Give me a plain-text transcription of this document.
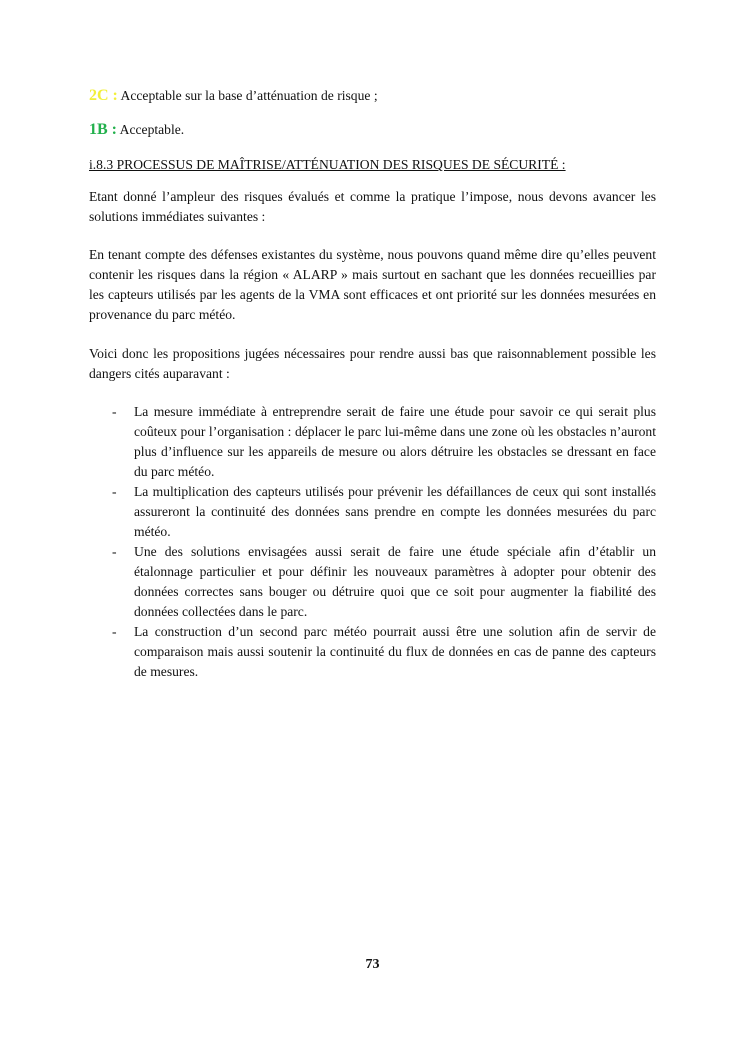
2C : Acceptable sur la base d’atténuation de risque ;

1B : Acceptable.

i.8.3 PROCESSUS DE MAÎTRISE/ATTÉNUATION DES RISQUES DE SÉCURITÉ :

Etant donné l’ampleur des risques évalués et comme la pratique l’impose, nous devons avancer les solutions immédiates suivantes :

En tenant compte des défenses existantes du système, nous pouvons quand même dire qu’elles peuvent contenir les risques dans la région « ALARP » mais surtout en sachant que les données recueillies par les capteurs utilisés par les agents de la VMA sont efficaces et ont priorité sur les données mesurées en provenance du parc météo.

Voici donc les propositions jugées nécessaires pour rendre aussi bas que raisonnablement possible les dangers cités auparavant :

- La mesure immédiate à entreprendre serait de faire une étude pour savoir ce qui serait plus coûteux pour l’organisation : déplacer le parc lui-même dans une zone où les obstacles n’auront plus d’influence sur les appareils de mesure ou alors détruire les obstacles se dressant en face du parc météo.
- La multiplication des capteurs utilisés pour prévenir les défaillances de ceux qui sont installés assureront la continuité des données sans prendre en compte les données mesurées du parc météo.
- Une des solutions envisagées aussi serait de faire une étude spéciale afin d’établir un étalonnage particulier et pour définir les nouveaux paramètres à adopter pour obtenir des données correctes sans bouger ou détruire quoi que ce soit pour augmenter la fiabilité des données collectées dans le parc.
- La construction d’un second parc météo pourrait aussi être une solution afin de servir de comparaison mais aussi soutenir la continuité du flux de données en cas de panne des capteurs de mesures.
73
